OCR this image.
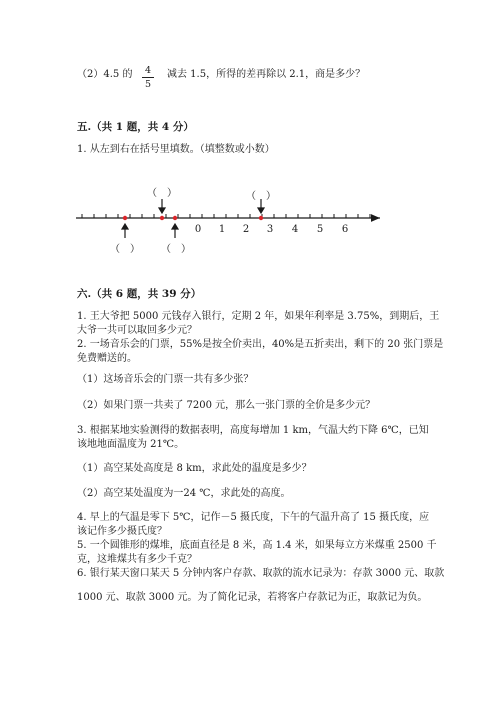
（2）4.5 的	4
5
减去 1.5，所得的差再除以 2.1，商是多少？
五.（共 1 题，共 4 分）
1. 从左到右在括号里填数。（填整数或小数）
0 1 2 3 4 5 6
（　）	（　）
（　） （　）
六.（共 6 题，共 39 分）
1. 王大爷把 5000 元钱存入银行，定期 2 年，如果年利率是 3.75%，到期后，王
大爷一共可以取回多少元？
2. 一场音乐会的门票，55%是按全价卖出，40%是五折卖出，剩下的 20 张门票是
免费赠送的。
（1）这场音乐会的门票一共有多少张？
（2）如果门票一共卖了 7200 元，那么一张门票的全价是多少元？
3. 根据某地实验测得的数据表明，高度每增加 1 km，气温大约下降 6℃，已知
该地地面温度为 21℃。
（1）高空某处高度是 8 km，求此处的温度是多少？
（2）高空某处温度为一24 ℃，求此处的高度。
4. 早上的气温是零下 5℃，记作－5 摄氏度，下午的气温升高了 15 摄氏度，应
该记作多少摄氏度？
5. 一个圆锥形的煤堆，底面直径是 8 米，高 1.4 米，如果每立方米煤重 2500 千
克，这堆煤共有多少千克？
6. 银行某天窗口某天 5 分钟内客户存款、取款的流水记录为：存款 3000 元、取款
1000 元、取款 3000 元。为了简化记录，若将客户存款记为正，取款记为负。
